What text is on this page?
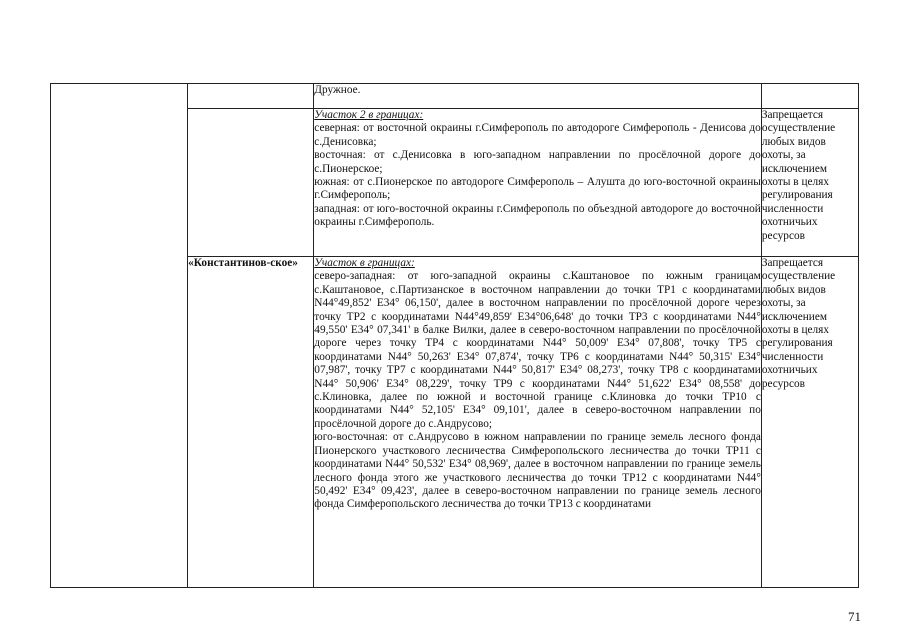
		Дружное.	

		Участок 2 в границах:
северная: от восточной окраины г.Симферополь по автодороге Симферополь - Денисова до с.Денисовка;
восточная: от с.Денисовка в юго-западном направлении по просёлочной дороге до с.Пионерское;
южная: от с.Пионерское по автодороге Симферополь – Алушта до юго-восточной окраины г.Симферополь;
западная: от юго-восточной окраины г.Симферополь по объездной автодороге до восточной окраины г.Симферополь.	Запрещается осуществление любых видов охоты, за исключением охоты в целях регулирования численности охотничьих ресурсов

	«Константинов-ское»	Участок в границах:
северо-западная: от юго-западной окраины с.Каштановое по южным границам с.Каштановое, с.Партизанское в восточном направлении до точки ТР1 с координатами N44°49,852' E34° 06,150', далее в восточном направлении по просёлочной дороге через точку ТР2 с координатами N44°49,859' E34°06,648' до точки ТР3 с координатами N44° 49,550' E34° 07,341' в балке Вилки, далее в северо-восточном направлении по просёлочной дороге через точку ТР4 с координатами N44° 50,009' E34° 07,808', точку ТР5 с координатами N44° 50,263' E34° 07,874', точку ТР6 с координатами N44° 50,315' E34° 07,987', точку ТР7 с координатами N44° 50,817' E34° 08,273', точку ТР8 с координатами N44° 50,906' E34° 08,229', точку ТР9 с координатами N44° 51,622' E34° 08,558' до с.Клиновка, далее по южной и восточной границе с.Клиновка до точки ТР10 с координатами N44° 52,105' E34° 09,101', далее в северо-восточном направлении по просёлочной дороге до с.Андрусово;
юго-восточная: от с.Андрусово в южном направлении по границе земель лесного фонда Пионерского участкового лесничества Симферопольского лесничества до точки ТР11 с координатами N44° 50,532' E34° 08,969', далее в восточном направлении по границе земель лесного фонда этого же участкового лесничества до точки ТР12 с координатами N44° 50,492' E34° 09,423', далее в северо-восточном направлении по границе земель лесного фонда Симферопольского лесничества до точки ТР13 с координатами	Запрещается осуществление любых видов охоты, за исключением охоты в целях регулирования численности охотничьих ресурсов
71
